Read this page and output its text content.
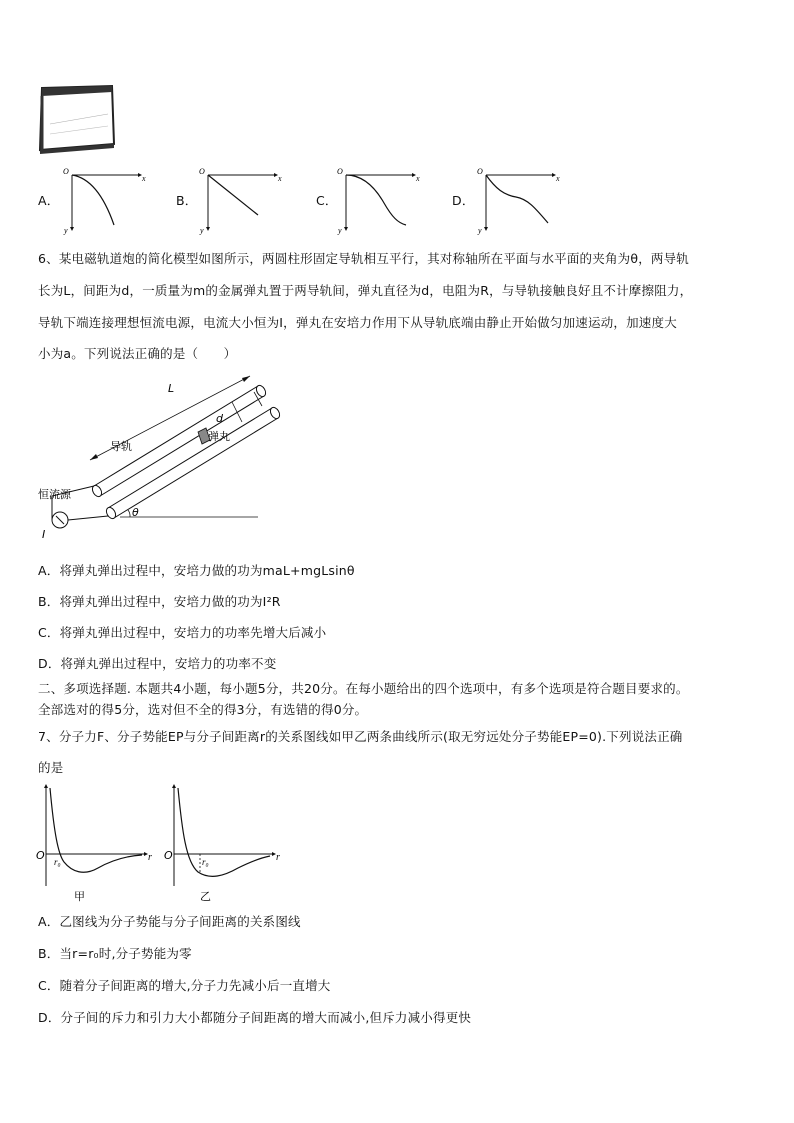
A．
O
x
y
B．
O
x
y
C．
O
x
y
D．
O
x
y
6、某电磁轨道炮的简化模型如图所示，两圆柱形固定导轨相互平行，其对称轴所在平面与水平面的夹角为θ，两导轨
长为L，间距为d，一质量为m的金属弹丸置于两导轨间，弹丸直径为d，电阻为R，与导轨接触良好且不计摩擦阻力，
导轨下端连接理想恒流电源，电流大小恒为I，弹丸在安培力作用下从导轨底端由静止开始做匀加速运动，加速度大
小为a。下列说法正确的是（　　）
L
d
导轨
弹丸
恒流源
I
θ
A．将弹丸弹出过程中，安培力做的功为maL+mgLsinθ
B．将弹丸弹出过程中，安培力做的功为I²R
C．将弹丸弹出过程中，安培力的功率先增大后减小
D．将弹丸弹出过程中，安培力的功率不变
二、多项选择题. 本题共4小题，每小题5分，共20分。在每小题给出的四个选项中，有多个选项是符合题目要求的。
全部选对的得5分，选对但不全的得3分，有选错的得0分。
7、分子力F、分子势能EP与分子间距离r的关系图线如甲乙两条曲线所示(取无穷远处分子势能EP=0).下列说法正确
的是
O r₀	r
甲
O	r₀	r
乙
A．乙图线为分子势能与分子间距离的关系图线
B．当r=r₀时,分子势能为零
C．随着分子间距离的增大,分子力先减小后一直增大
D．分子间的斥力和引力大小都随分子间距离的增大而减小,但斥力减小得更快
